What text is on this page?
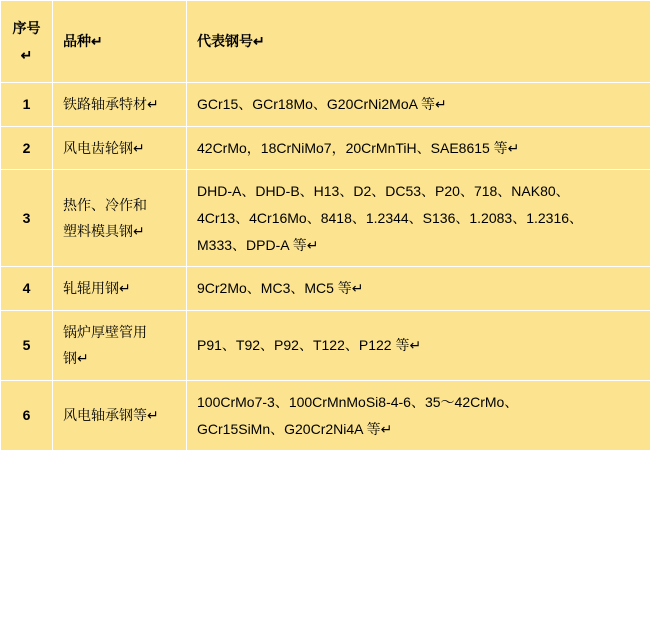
序号↵	品种↵	代表钢号↵
1	铁路轴承特材↵	GCr15、GCr18Mo、G20CrNi2MoA 等↵

2	风电齿轮钢↵	42CrMo，18CrNiMo7，20CrMnTiH、SAE8615 等↵

3	热作、冷作和
塑料模具钢↵	DHD-A、DHD-B、H13、D2、DC53、P20、718、NAK80、
4Cr13、4Cr16Mo、8418、1.2344、S136、1.2083、1.2316、
M333、DPD-A 等↵

4	轧辊用钢↵	9Cr2Mo、MC3、MC5 等↵

5	锅炉厚壁管用
钢↵	P91、T92、P92、T122、P122 等↵

6	风电轴承钢等↵	100CrMo7-3、100CrMnMoSi8-4-6、35～42CrMo、
GCr15SiMn、G20Cr2Ni4A 等↵
